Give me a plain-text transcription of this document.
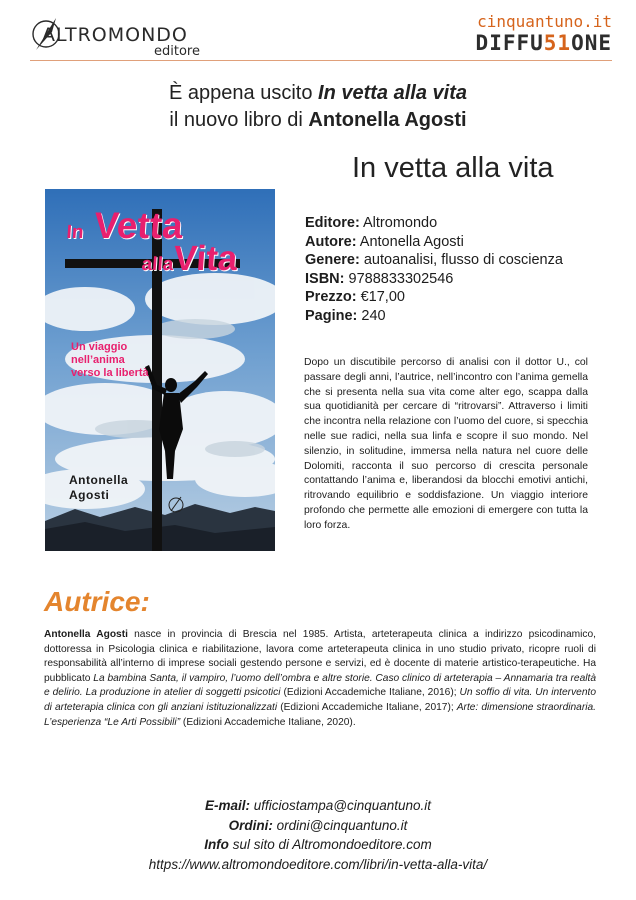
ALTROMONDO
editore
cinquantuno.it
DIFFU51ONE
È appena uscito In vetta alla vita
il nuovo libro di Antonella Agosti
In vetta alla vita
In Vetta
allaVita
Un viaggio
nell’anima
verso la libertà
Antonella
Agosti
Editore: Altromondo
Autore: Antonella Agosti
Genere: autoanalisi, flusso di coscienza
ISBN: 9788833302546
Prezzo: €17,00
Pagine: 240
Dopo un discutibile percorso di analisi con il dottor U., col passare degli anni, l’autrice, nell’incontro con l’anima gemella che si presenta nella sua vita come alter ego, scappa dalla sua quotidianità per cercare di “ritrovarsi”. Attraverso i limiti che incontra nella relazione con l’uomo del cuore, si specchia nelle sue radici, nella sua linfa e scopre il suo mondo. Nel silenzio, in solitudine, immersa nella natura nel cuore delle Dolomiti, racconta il suo percorso di crescita personale contattando l’anima e, liberandosi da blocchi emotivi antichi, ritrovando equilibrio e soddisfazione. Un viaggio interiore profondo che permette alle emozioni di emergere con tutta la loro forza.
Autrice:
Antonella Agosti nasce in provincia di Brescia nel 1985. Artista, arteterapeuta clinica a indirizzo psicodinamico, dottoressa in Psicologia clinica e riabilitazione, lavora come arteterapeuta clinica in uno studio privato, ricopre ruoli di responsabilità all’interno di imprese sociali gestendo persone e servizi, ed è docente di materie artistico-terapeutiche. Ha pubblicato La bambina Santa, il vampiro, l’uomo dell’ombra e altre storie. Caso clinico di arteterapia – Annamaria tra realtà e delirio. La produzione in atelier di soggetti psicotici (Edizioni Accademiche Italiane, 2016); Un soffio di vita. Un intervento di arteterapia clinica con gli anziani istituzionalizzati (Edizioni Accademiche Italiane, 2017); Arte: dimensione straordinaria. L’esperienza “Le Arti Possibili” (Edizioni Accademiche Italiane, 2020).
E-mail: ufficiostampa@cinquantuno.it
Ordini: ordini@cinquantuno.it
Info sul sito di Altromondoeditore.com
https://www.altromondoeditore.com/libri/in-vetta-alla-vita/
